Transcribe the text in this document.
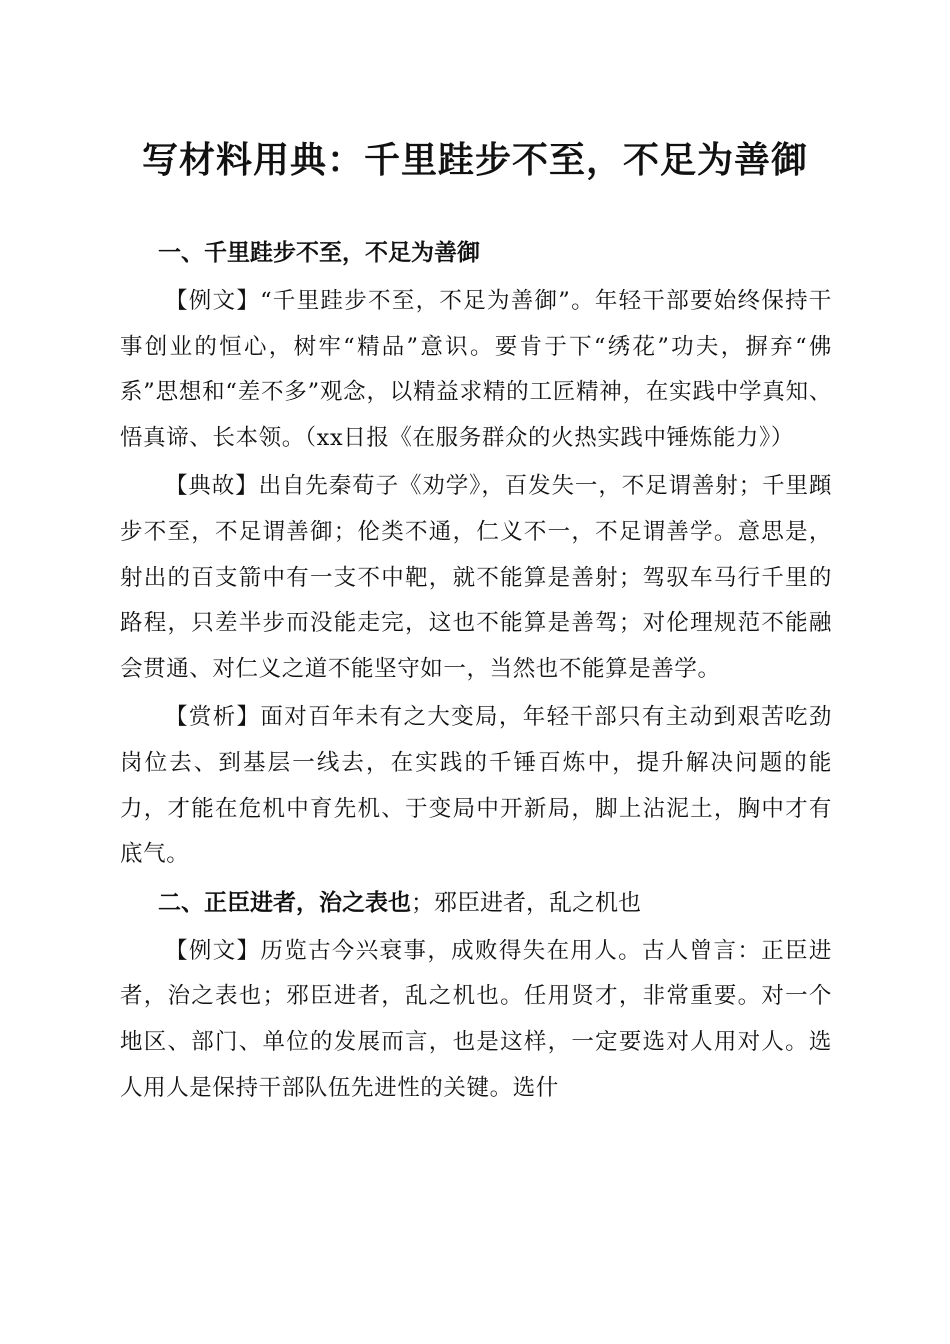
写材料用典：千里跬步不至，不足为善御
一、千里跬步不至，不足为善御

【例文】“千里跬步不至，不足为善御”。年轻干部要始终保持干事创业的恒心，树牢“精品”意识。要肯于下“绣花”功夫，摒弃“佛系”思想和“差不多”观念，以精益求精的工匠精神，在实践中学真知、悟真谛、长本领。（xx日报《在服务群众的火热实践中锤炼能力》）

【典故】出自先秦荀子《劝学》，百发失一，不足谓善射；千里蹞步不至，不足谓善御；伦类不通，仁义不一，不足谓善学。意思是，射出的百支箭中有一支不中靶，就不能算是善射；驾驭车马行千里的路程，只差半步而没能走完，这也不能算是善驾；对伦理规范不能融会贯通、对仁义之道不能坚守如一，当然也不能算是善学。

【赏析】面对百年未有之大变局，年轻干部只有主动到艰苦吃劲岗位去、到基层一线去，在实践的千锤百炼中，提升解决问题的能力，才能在危机中育先机、于变局中开新局，脚上沾泥土，胸中才有底气。

二、正臣进者，治之表也；邪臣进者，乱之机也

【例文】历览古今兴衰事，成败得失在用人。古人曾言：正臣进者，治之表也；邪臣进者，乱之机也。任用贤才，非常重要。对一个地区、部门、单位的发展而言，也是这样，一定要选对人用对人。选人用人是保持干部队伍先进性的关键。选什
